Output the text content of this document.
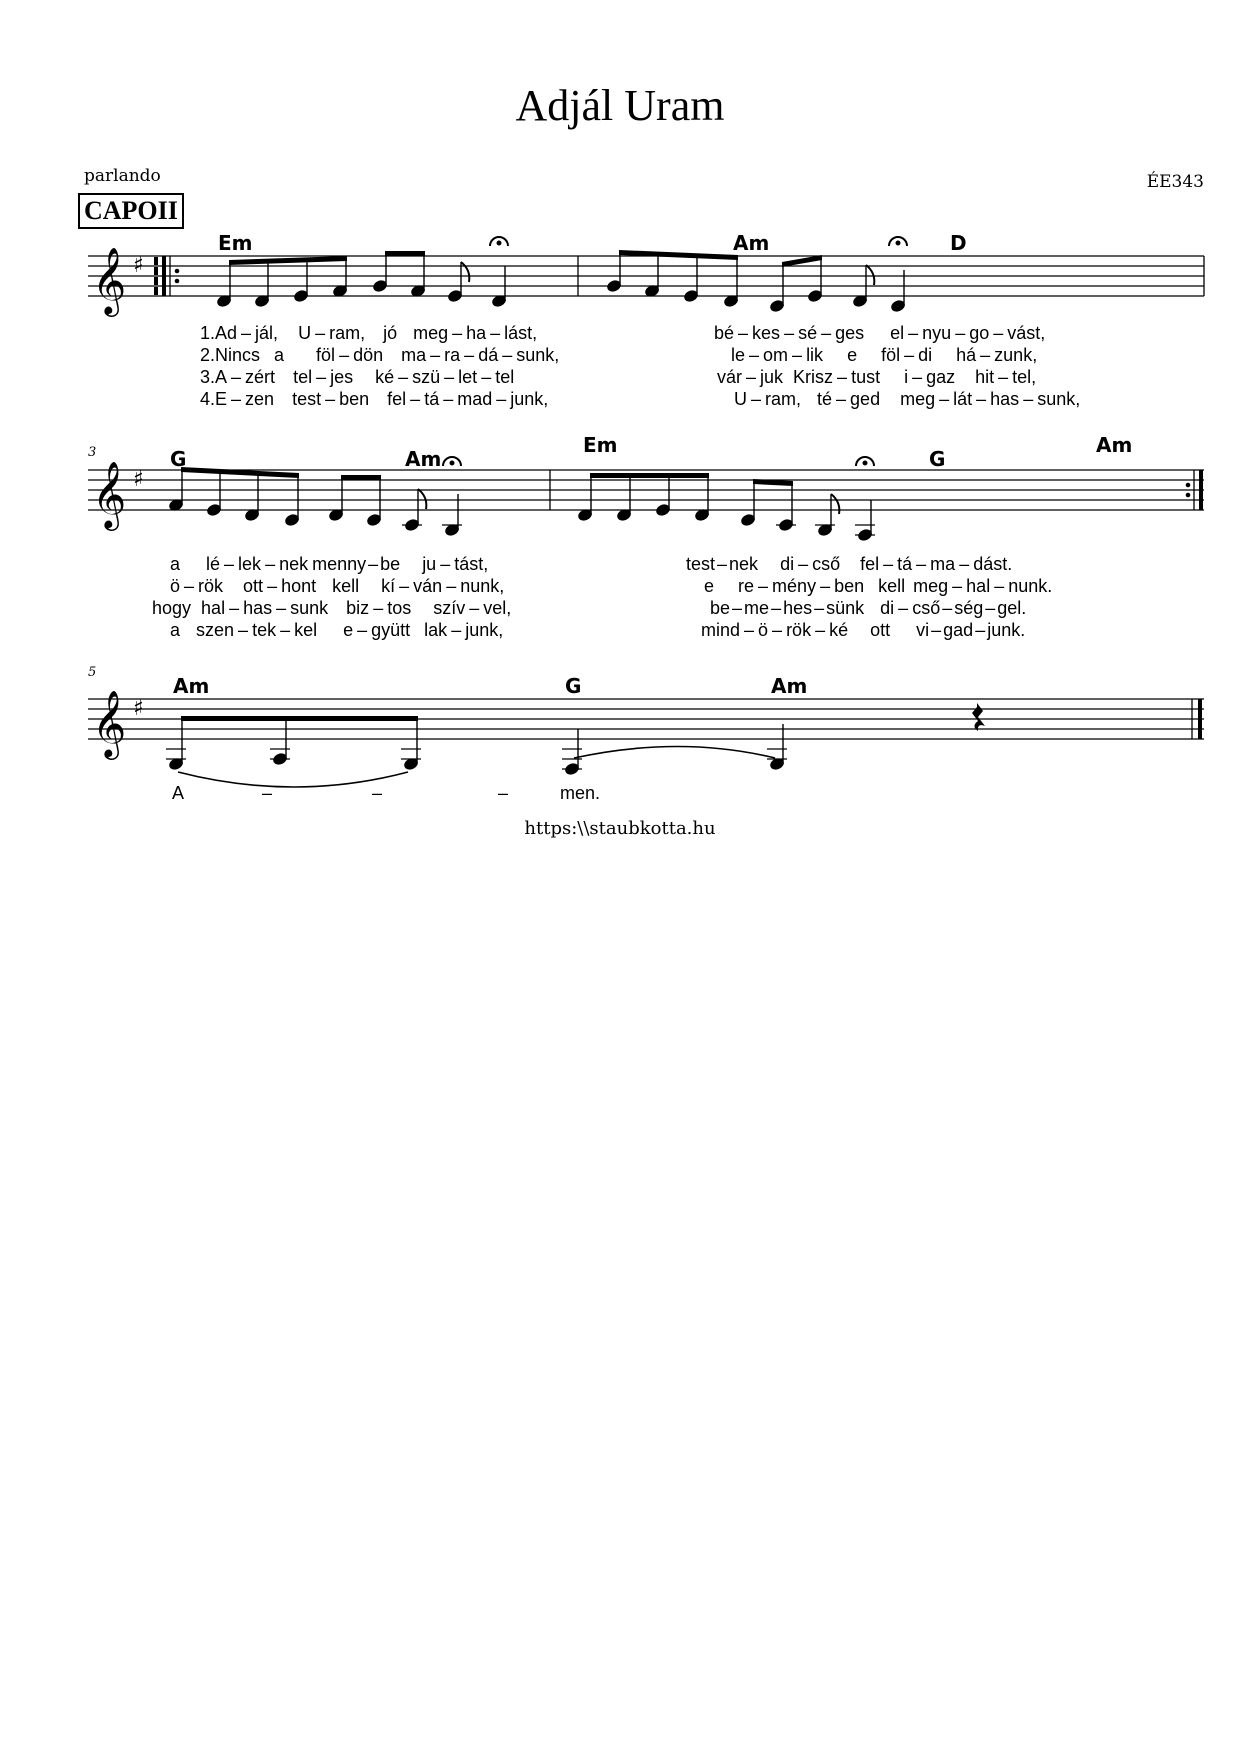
Adjál Uram
parlando
CAPOII
ÉE343
𝄞 ♯
Em	Am	D
1.Ad – jál, U – ram, jó meg – ha – lást,	bé – kes – sé – ges el – nyu – go – vást,
2.Nincs a föl – dön ma – ra – dá – sunk,	le – om – lik e föl – di há – zunk,
3.A – zért tel – jes ké – szü – let – tel	vár – juk Krisz – tust i – gaz hit – tel,
4.E – zen test – ben fel – tá – mad – junk,	U – ram, té – ged meg – lát – has – sunk,
3
𝄞 ♯
G	Am
Em
G
Am
a lé – lek – nek menny – be ju – tást,	test – nek di – cső fel – tá – ma – dást.
ö – rök ott – hont kell kí – ván – nunk,	e re – mény – ben kell meg – hal – nunk.
hogy hal – has – sunk biz – tos szív – vel,	be – me – hes – sünk di – cső – ség – gel.
a szen – tek – kel e – gyütt lak – junk,	mind – ö – rök – ké ott vi – gad – junk.
5
𝄞 ♯
Am	G	Am
A	–	–	–	men.
https:\\staubkotta.hu
